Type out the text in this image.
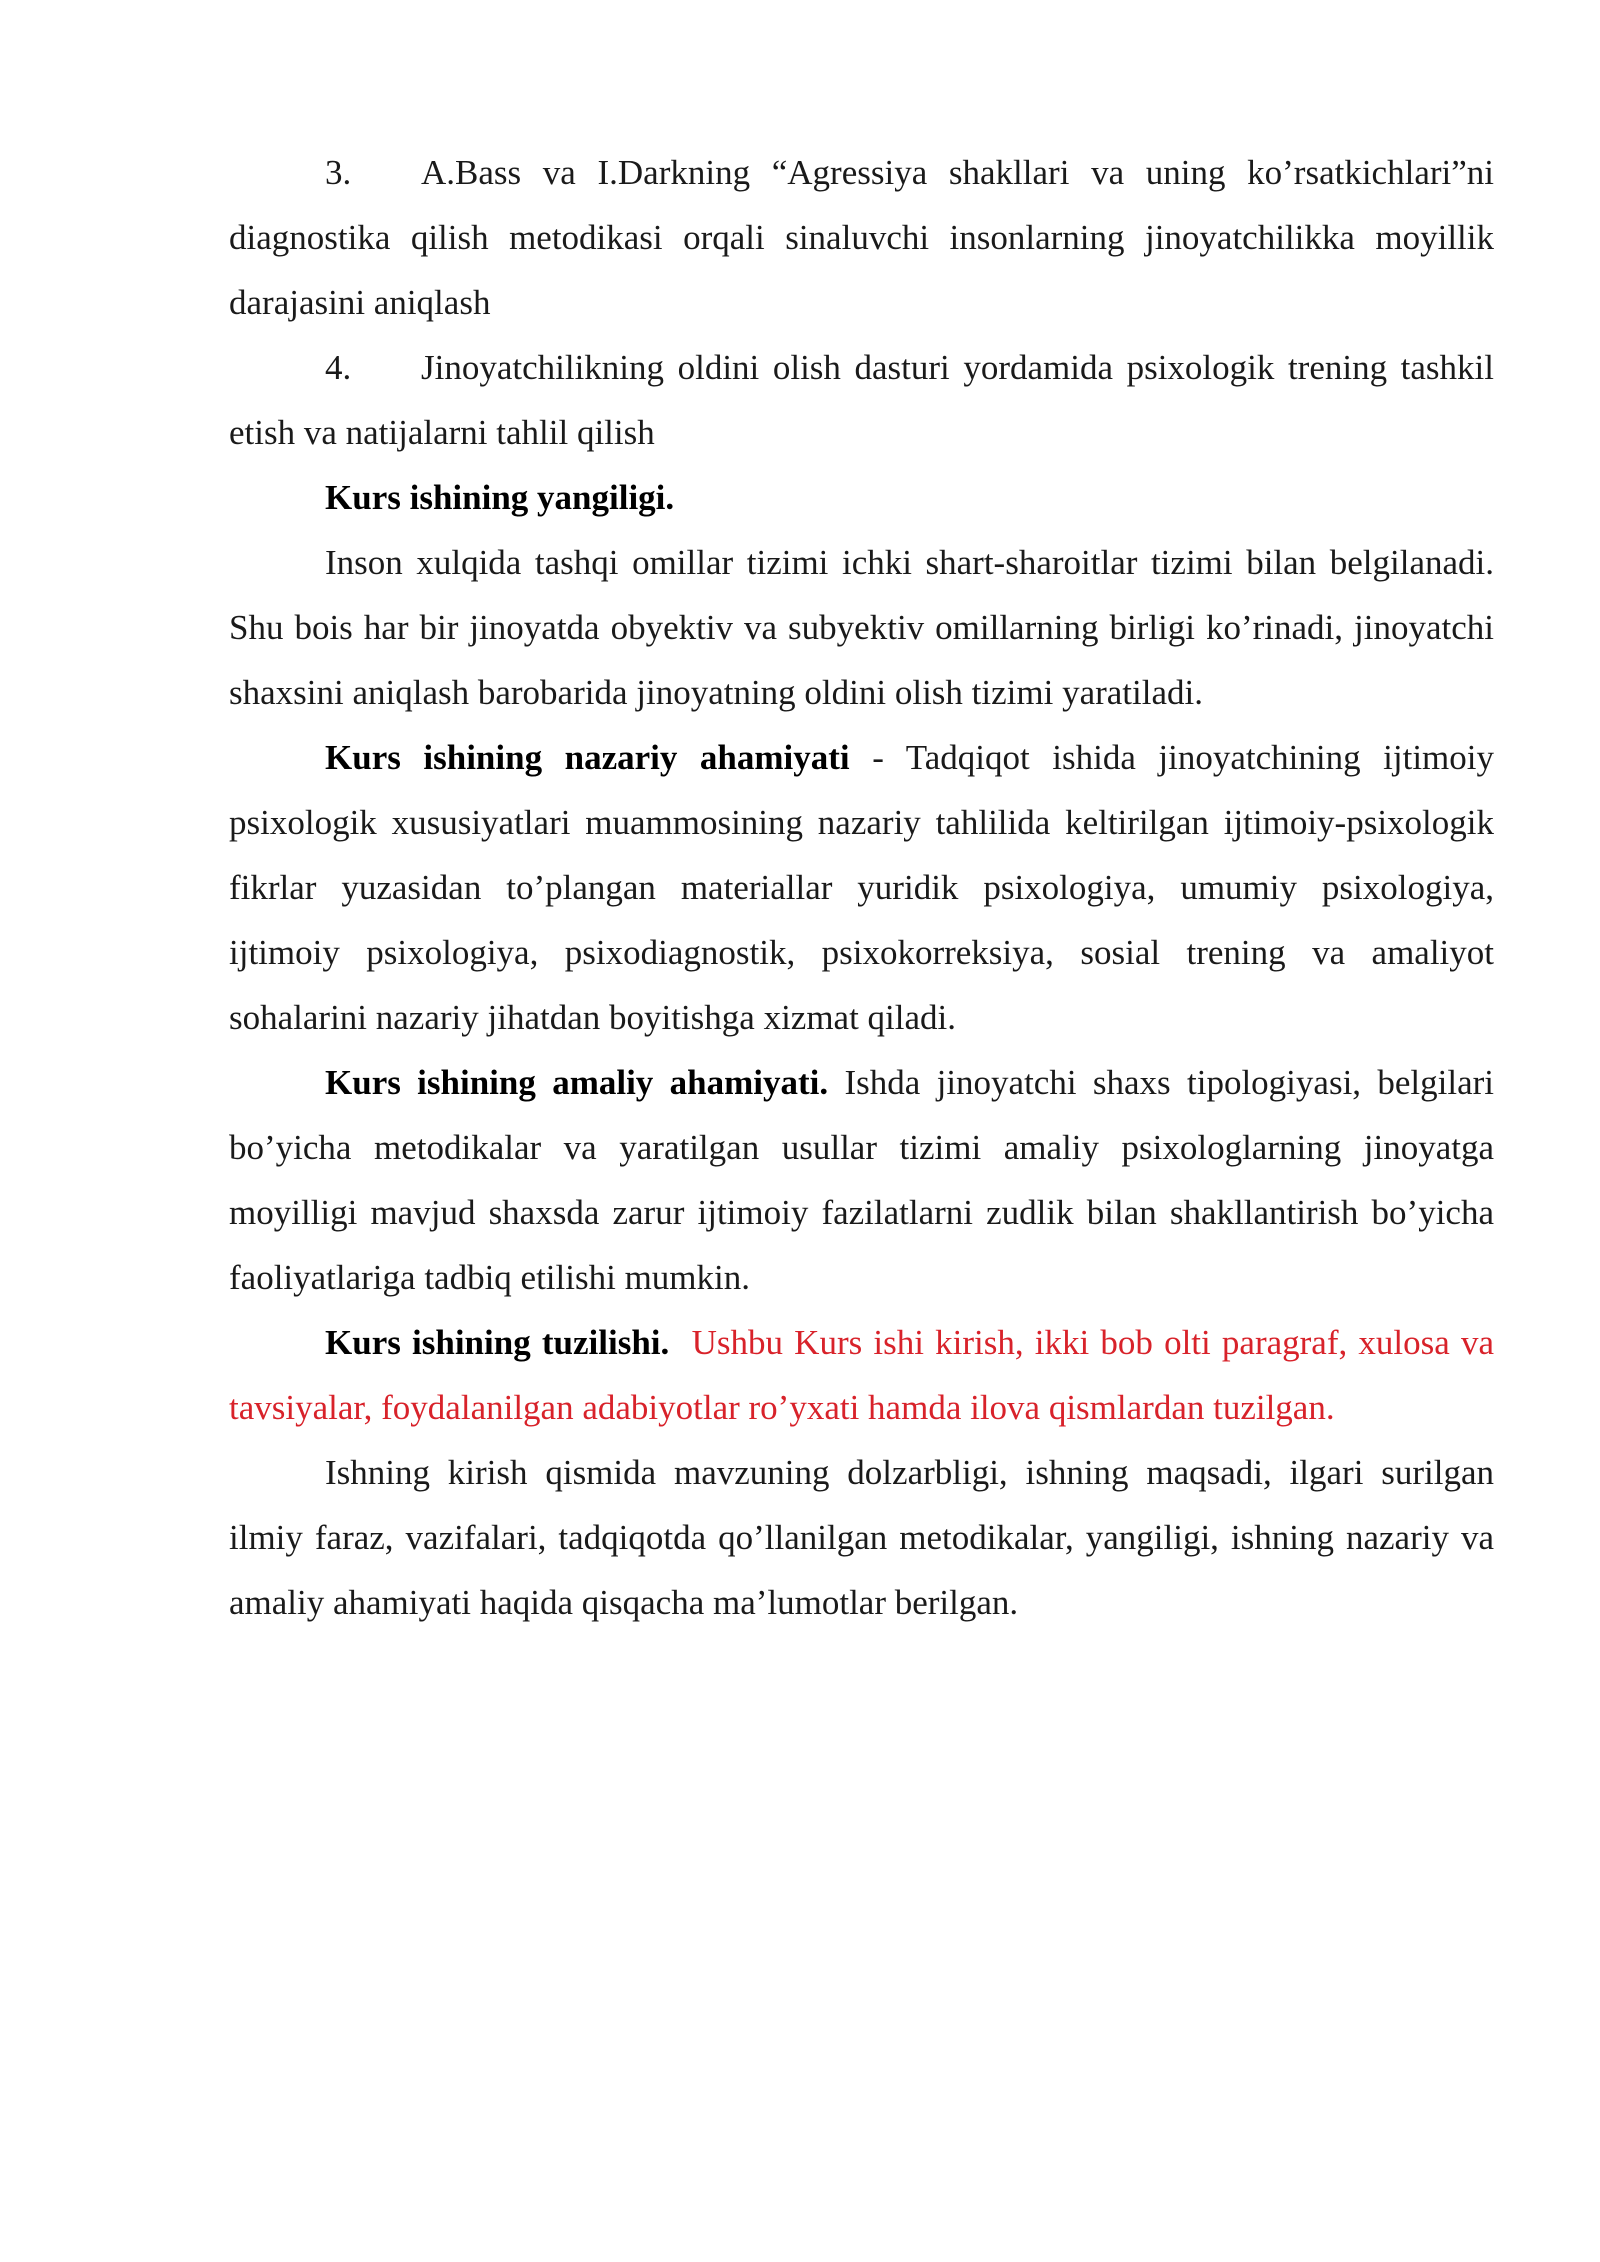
3. A.Bass va I.Darkning “Agressiya shakllari va uning ko’rsatkichlari”ni diagnostika qilish metodikasi orqali sinaluvchi insonlarning jinoyatchilikka moyillik darajasini aniqlash

4. Jinoyatchilikning oldini olish dasturi yordamida psixologik trening tashkil etish va natijalarni tahlil qilish

Kurs ishining yangiligi.

Inson xulqida tashqi omillar tizimi ichki shart-sharoitlar tizimi bilan belgilanadi. Shu bois har bir jinoyatda obyektiv va subyektiv omillarning birligi ko’rinadi, jinoyatchi shaxsini aniqlash barobarida jinoyatning oldini olish tizimi yaratiladi.

Kurs ishining nazariy ahamiyati - Tadqiqot ishida jinoyatchining ijtimoiy psixologik xususiyatlari muammosining nazariy tahlilida keltirilgan ijtimoiy-psixologik fikrlar yuzasidan to’plangan materiallar yuridik psixologiya, umumiy psixologiya, ijtimoiy psixologiya, psixodiagnostik, psixokorreksiya, sosial trening va amaliyot sohalarini nazariy jihatdan boyitishga xizmat qiladi.

Kurs ishining amaliy ahamiyati. Ishda jinoyatchi shaxs tipologiyasi, belgilari bo’yicha metodikalar va yaratilgan usullar tizimi amaliy psixologlarning jinoyatga moyilligi mavjud shaxsda zarur ijtimoiy fazilatlarni zudlik bilan shakllantirish bo’yicha faoliyatlariga tadbiq etilishi mumkin.

Kurs ishining tuzilishi. Ushbu Kurs ishi kirish, ikki bob olti paragraf, xulosa va tavsiyalar, foydalanilgan adabiyotlar ro’yxati hamda ilova qismlardan tuzilgan.

Ishning kirish qismida mavzuning dolzarbligi, ishning maqsadi, ilgari surilgan ilmiy faraz, vazifalari, tadqiqotda qo’llanilgan metodikalar, yangiligi, ishning nazariy va amaliy ahamiyati haqida qisqacha ma’lumotlar berilgan.
